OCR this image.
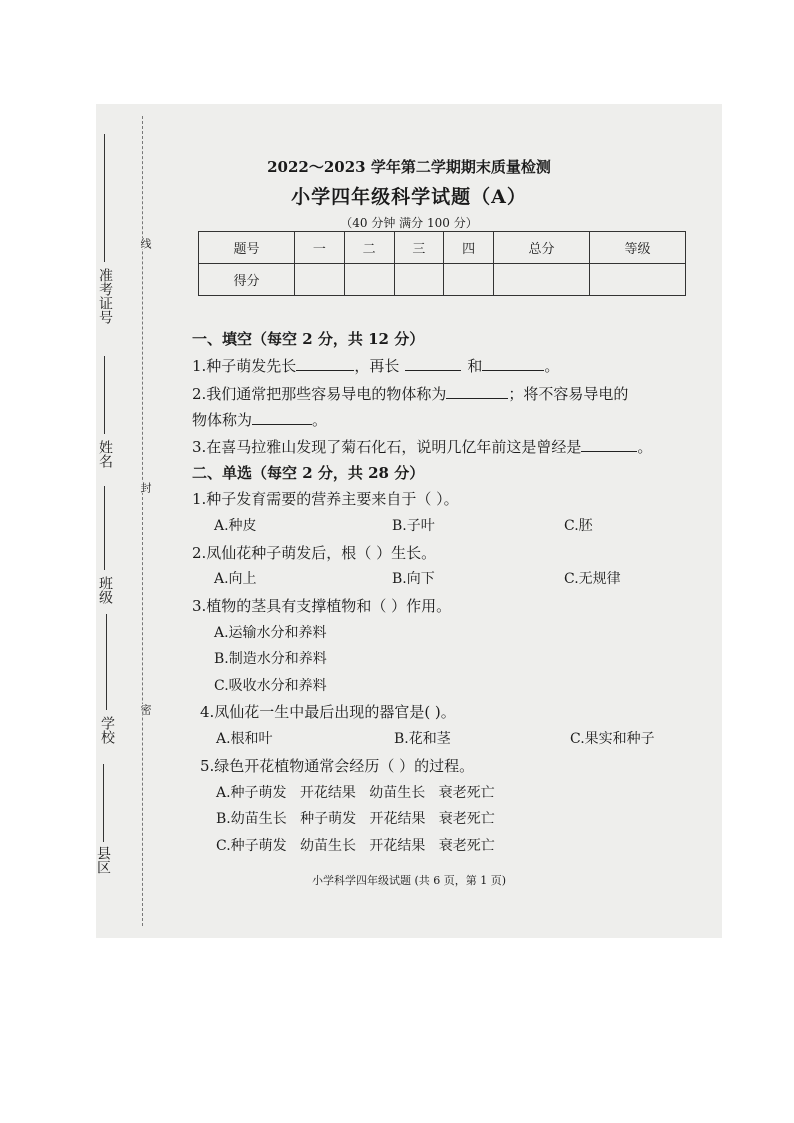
县区
学校
班级
姓名
准考证号
密
封
线
2022～2023 学年第二学期期末质量检测
小学四年级科学试题（A）
（40 分钟 满分 100 分）
题号	一	二	三	四	总分	等级
得分						
一、填空（每空 2 分，共 12 分）
1.种子萌发先长	，再长	和	。
2.我们通常把那些容易导电的物体称为	；将不容易导电的
物体称为	。
3.在喜马拉雅山发现了菊石化石，说明几亿年前这是曾经是	。
二、单选（每空 2 分，共 28 分）
1.种子发育需要的营养主要来自于（ ）。
A.种皮	B.子叶	C.胚
2.凤仙花种子萌发后，根（ ）生长。
A.向上	B.向下	C.无规律
3.植物的茎具有支撑植物和（ ）作用。
A.运输水分和养料
B.制造水分和养料
C.吸收水分和养料
4.凤仙花一生中最后出现的器官是( )。
A.根和叶	B.花和茎	C.果实和种子
5.绿色开花植物通常会经历（ ）的过程。
A.种子萌发   开花结果   幼苗生长   衰老死亡
B.幼苗生长   种子萌发   开花结果   衰老死亡
C.种子萌发   幼苗生长   开花结果   衰老死亡
小学科学四年级试题 (共 6 页，第 1 页)
